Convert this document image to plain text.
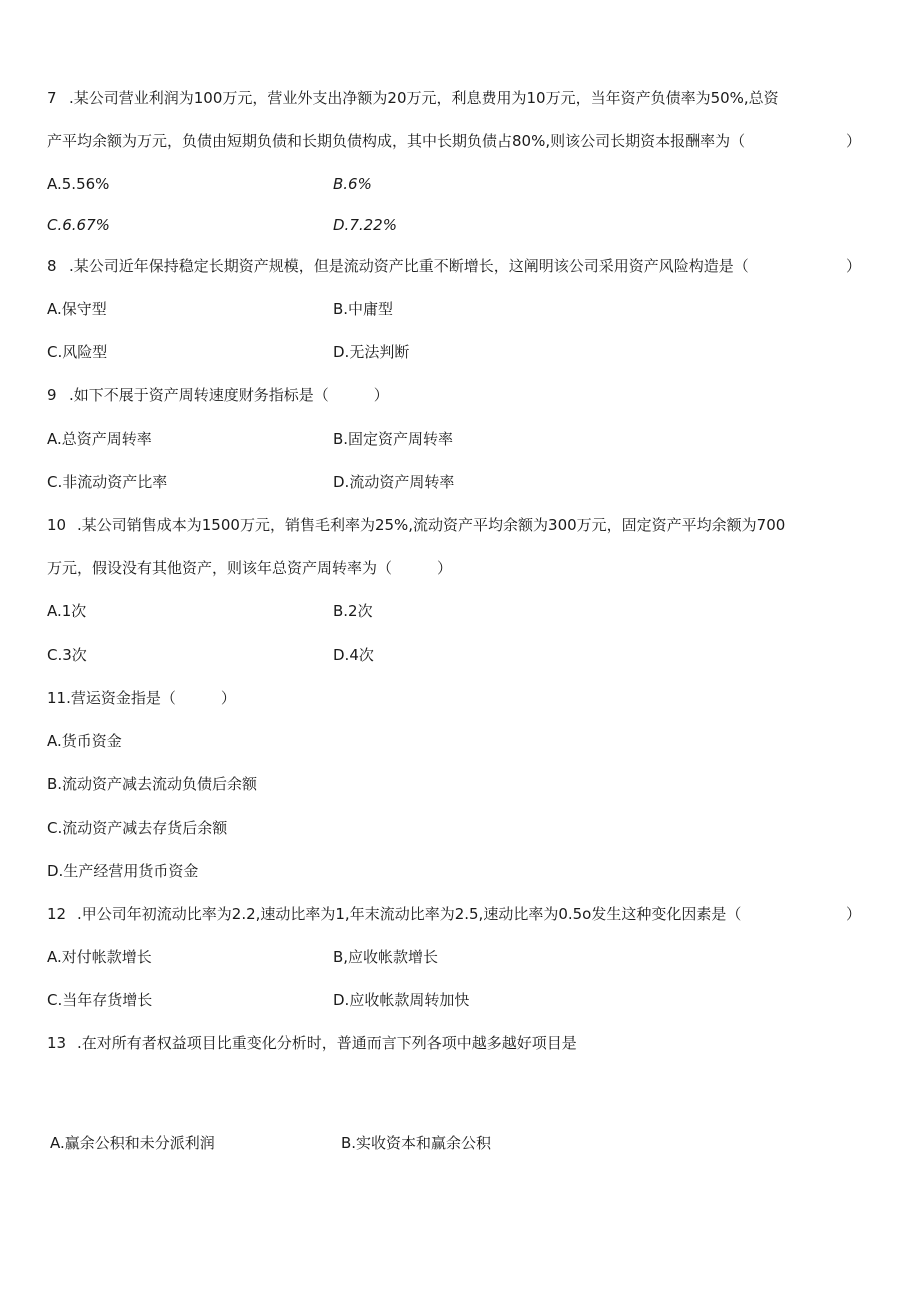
7 .某公司营业利润为100万元，营业外支出净额为20万元，利息费用为10万元，当年资产负债率为50%,总资
产平均余额为万元，负债由短期负债和长期负债构成，其中长期负债占80%,则该公司长期资本报酬率为（	）
A.5.56%	B.6%
C.6.67%	D.7.22%
8 .某公司近年保持稳定长期资产规模，但是流动资产比重不断增长，这阐明该公司采用资产风险构造是（	）
A.保守型	B.中庸型
C.风险型	D.无法判断
9 .如下不展于资产周转速度财务指标是（　　　）
A.总资产周转率	B.固定资产周转率
C.非流动资产比率	D.流动资产周转率
10 .某公司销售成本为1500万元，销售毛利率为25%,流动资产平均余额为300万元，固定资产平均余额为700
万元，假设没有其他资产，则该年总资产周转率为（　　　）
A.1次	B.2次
C.3次	D.4次
11.营运资金指是（　　　）
A.货币资金
B.流动资产减去流动负债后余额
C.流动资产减去存货后余额
D.生产经营用货币资金
12 .甲公司年初流动比率为2.2,速动比率为1,年末流动比率为2.5,速动比率为0.5o发生这种变化因素是（	）
A.对付帐款增长	B,应收帐款增长
C.当年存货增长	D.应收帐款周转加快
13 .在对所有者权益项目比重变化分析时，普通而言下列各项中越多越好项目是
A.赢余公积和未分派利润	B.实收资本和赢余公积
